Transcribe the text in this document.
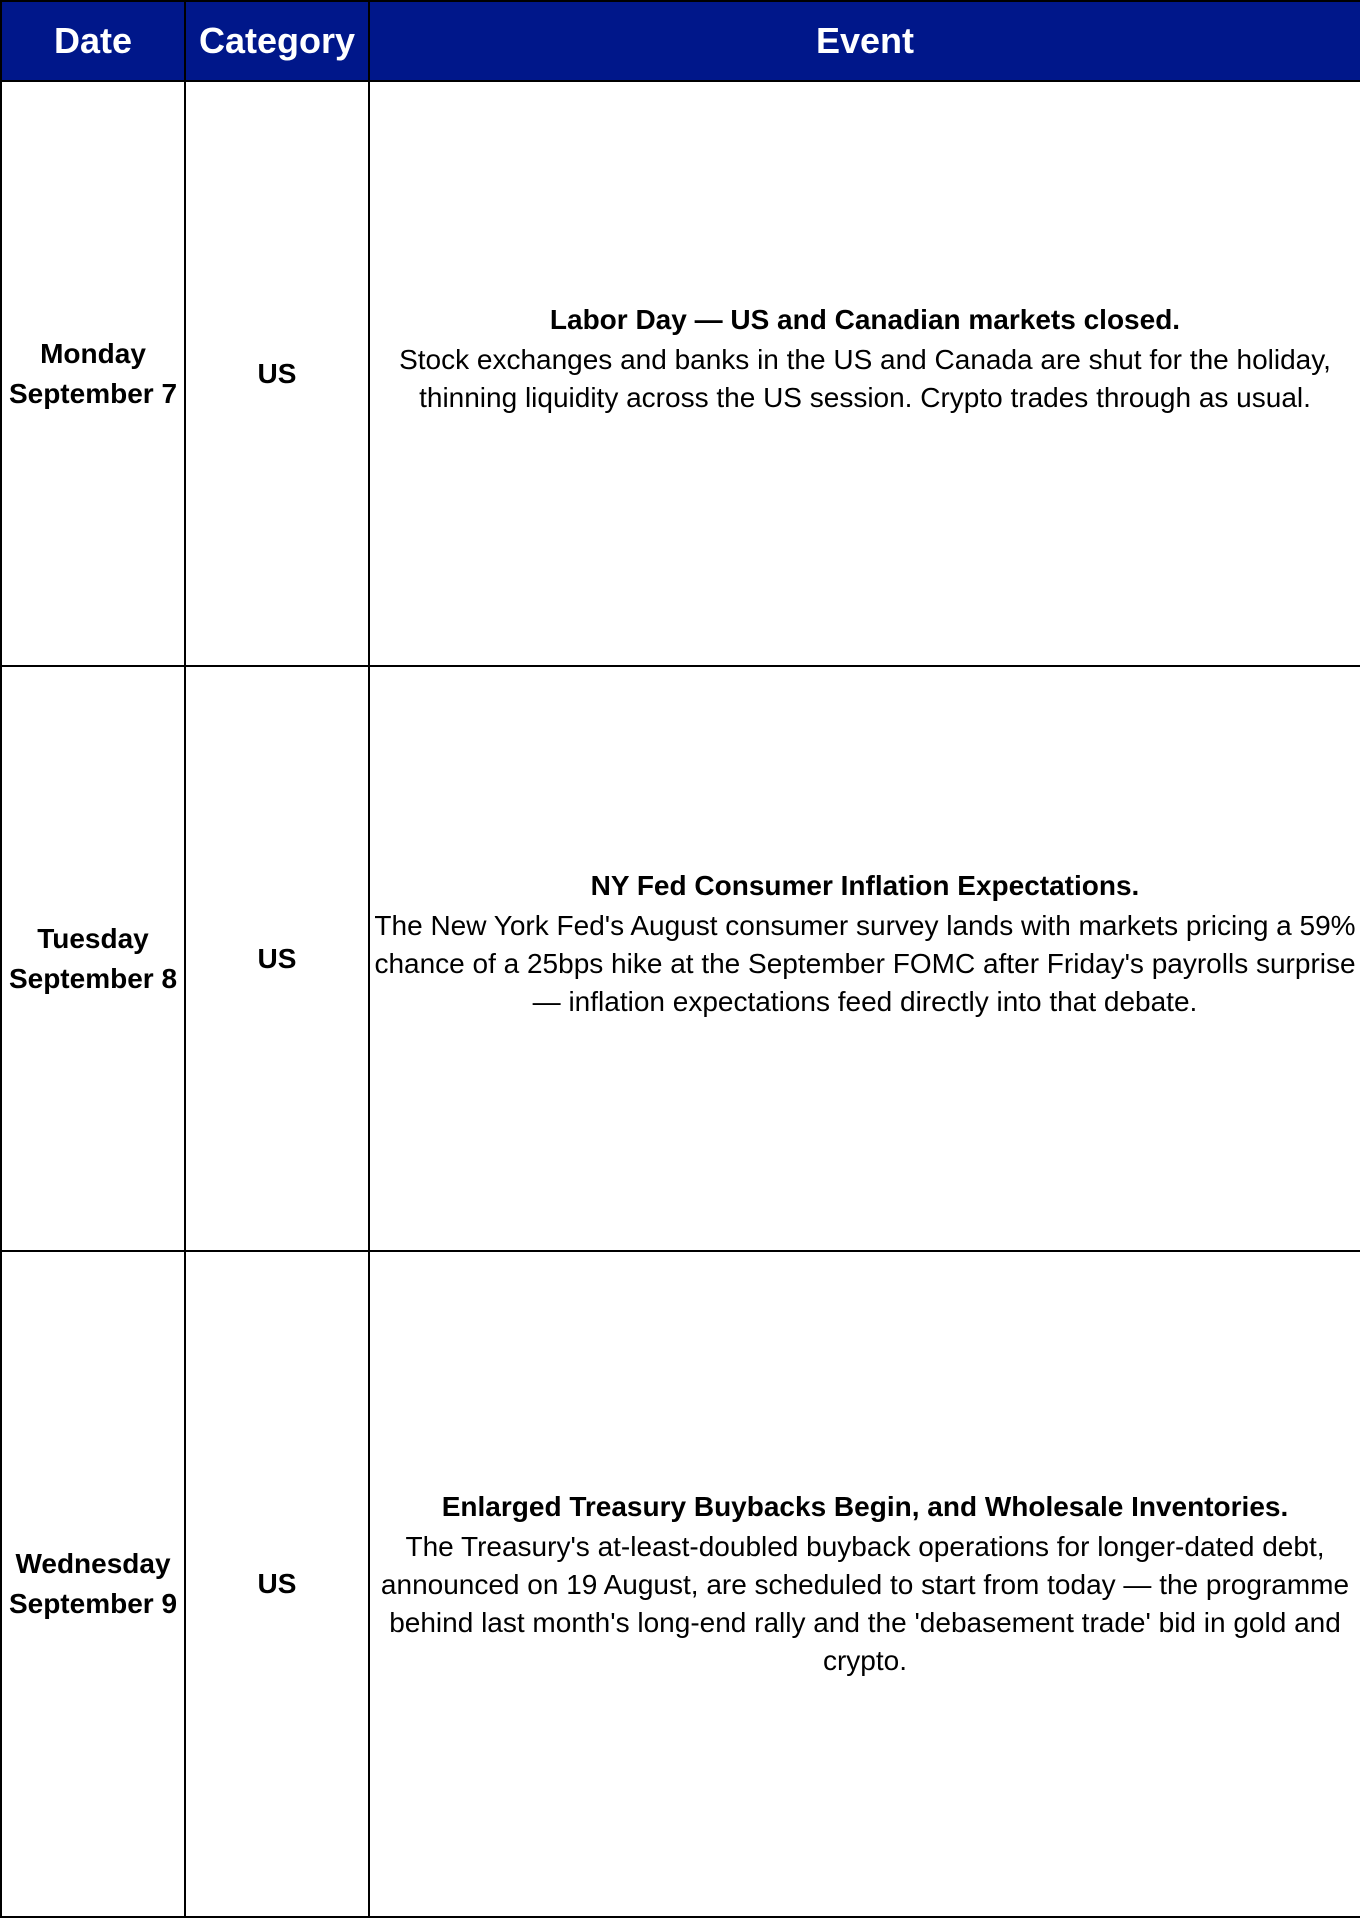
Date	Category	Event

Monday
September 7	US	Labor Day — US and Canadian markets closed.
Stock exchanges and banks in the US and Canada are shut for the holiday, thinning liquidity across the US session. Crypto trades through as usual.

Tuesday
September 8	US	NY Fed Consumer Inflation Expectations.
The New York Fed's August consumer survey lands with markets pricing a 59% chance of a 25bps hike at the September FOMC after Friday's payrolls surprise — inflation expectations feed directly into that debate.

Wednesday
September 9	US	Enlarged Treasury Buybacks Begin, and Wholesale Inventories.
The Treasury's at-least-doubled buyback operations for longer-dated debt, announced on 19 August, are scheduled to start from today — the programme behind last month's long-end rally and the 'debasement trade' bid in gold and crypto.
